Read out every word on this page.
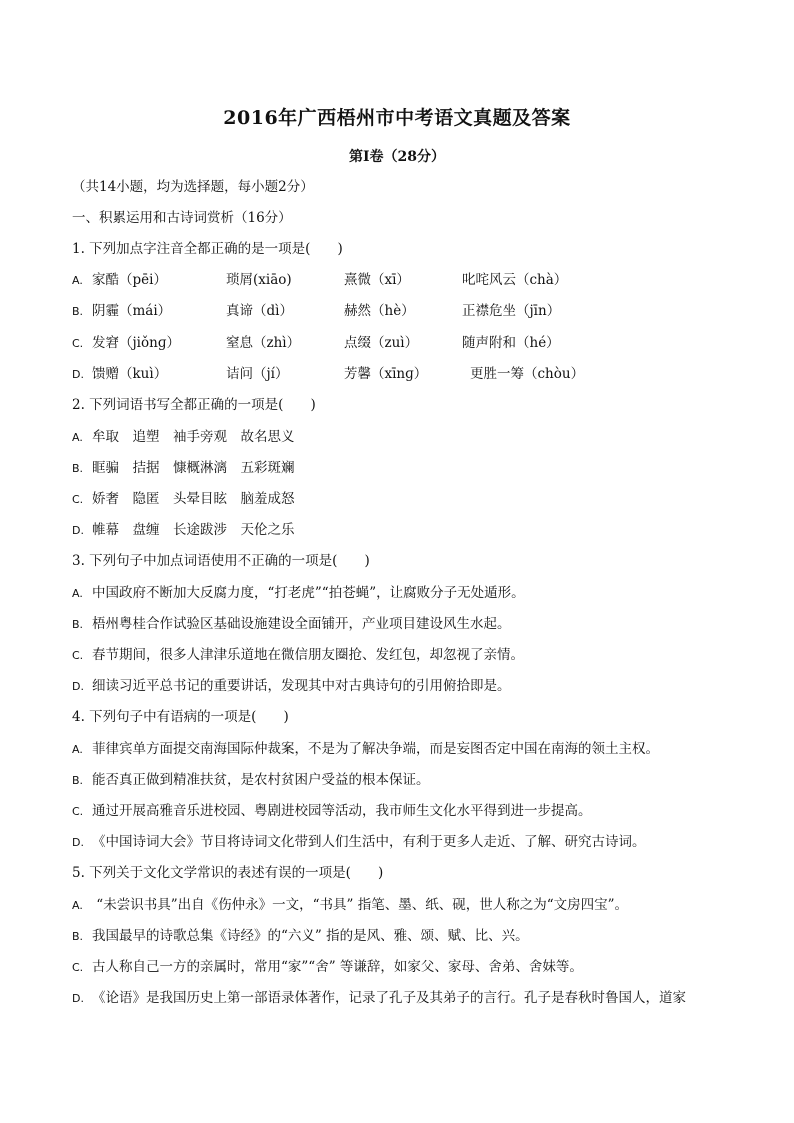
2016年广西梧州市中考语文真题及答案
第Ⅰ卷（28分）
（共14小题，均为选择题，每小题2分）
一、积累运用和古诗词赏析（16分）
1. 下列加点字注音全都正确的是一项是(　　)
A. 家酷（pēi）	琐屑(xiāo)	熹微（xī）	叱咤风云（chà）
B. 阴霾（mái）	真谛（dì）	赫然（hè）	正襟危坐（jīn）
C. 发窘（jiǒnɡ）	窒息（zhì）	点缀（zuì）	随声附和（hé）
D. 馈赠（kuì）	诘问（jí）	芳馨（xīnɡ）	更胜一筹（chòu）
2. 下列词语书写全都正确的一项是(　　)
A. 牟取　追塑　袖手旁观　故名思义
B. 眶骗　拮据　慷概淋漓　五彩斑斓
C. 娇奢　隐匿　头晕目眩　脑羞成怒
D. 帷幕　盘缠　长途跋涉　天伦之乐
3. 下列句子中加点词语使用不正确的一项是(　　)
A. 中国政府不断加大反腐力度，“打老虎”“拍苍蝇”，让腐败分子无处遁形。
B. 梧州粤桂合作试验区基础设施建设全面铺开，产业项目建设风生水起。
C. 春节期间，很多人津津乐道地在微信朋友圈抢、发红包，却忽视了亲情。
D. 细读习近平总书记的重要讲话，发现其中对古典诗句的引用俯拾即是。
4. 下列句子中有语病的一项是(　　)
A. 菲律宾单方面提交南海国际仲裁案，不是为了解决争端，而是妄图否定中国在南海的领土主权。
B. 能否真正做到精准扶贫，是农村贫困户受益的根本保证。
C. 通过开展高雅音乐进校园、粤剧进校园等活动，我市师生文化水平得到进一步提高。
D. 《中国诗词大会》节目将诗词文化带到人们生活中，有利于更多人走近、了解、研究古诗词。
5. 下列关于文化文学常识的表述有误的一项是(　　)
A. “未尝识书具”出自《伤仲永》一文，“书具” 指笔、墨、纸、砚，世人称之为“文房四宝”。
B. 我国最早的诗歌总集《诗经》的“六义” 指的是风、雅、颂、赋、比、兴。
C. 古人称自己一方的亲属时，常用“家”“舍” 等谦辞，如家父、家母、舍弟、舍妹等。
D. 《论语》是我国历史上第一部语录体著作，记录了孔子及其弟子的言行。孔子是春秋时鲁国人，道家
